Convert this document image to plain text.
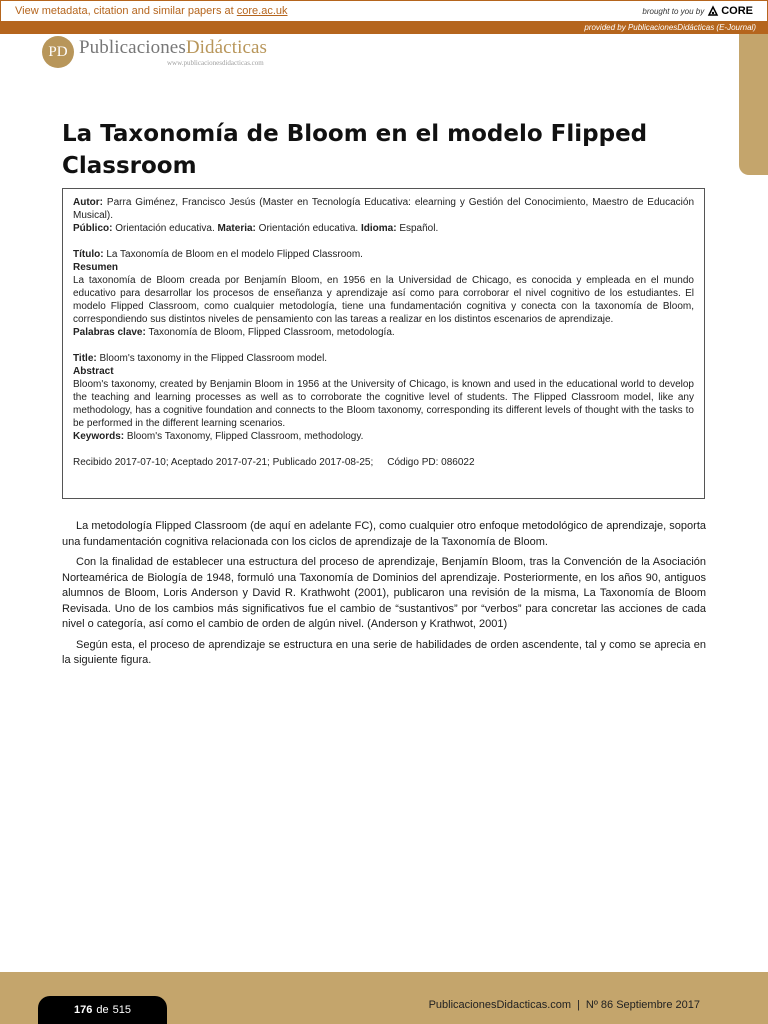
View metadata, citation and similar papers at core.ac.uk	brought to you by CORE
provided by PublicacionesDidácticas (E-Journal)
PD PublicacionesDidácticas
www.publicacionesdidacticas.com
La Taxonomía de Bloom en el modelo Flipped Classroom

Autor: Parra Giménez, Francisco Jesús (Master en Tecnología Educativa: elearning y Gestión del Conocimiento, Maestro de Educación Musical).

Público: Orientación educativa. Materia: Orientación educativa. Idioma: Español.

Título: La Taxonomía de Bloom en el modelo Flipped Classroom.

Resumen

La taxonomía de Bloom creada por Benjamín Bloom, en 1956 en la Universidad de Chicago, es conocida y empleada en el mundo educativo para desarrollar los procesos de enseñanza y aprendizaje así como para corroborar el nivel cognitivo de los estudiantes. El modelo Flipped Classroom, como cualquier metodología, tiene una fundamentación cognitiva y conecta con la taxonomía de Bloom, correspondiendo sus distintos niveles de pensamiento con las tareas a realizar en los distintos escenarios de aprendizaje.

Palabras clave: Taxonomía de Bloom, Flipped Classroom, metodología.

Title: Bloom's taxonomy in the Flipped Classroom model.

Abstract

Bloom's taxonomy, created by Benjamin Bloom in 1956 at the University of Chicago, is known and used in the educational world to develop the teaching and learning processes as well as to corroborate the cognitive level of students. The Flipped Classroom model, like any methodology, has a cognitive foundation and connects to the Bloom taxonomy, corresponding its different levels of thought with the tasks to be performed in the different learning scenarios.

Keywords: Bloom's Taxonomy, Flipped Classroom, methodology.

Recibido 2017-07-10; Aceptado 2017-07-21; Publicado 2017-08-25; Código PD: 086022

La metodología Flipped Classroom (de aquí en adelante FC), como cualquier otro enfoque metodológico de aprendizaje, soporta una fundamentación cognitiva relacionada con los ciclos de aprendizaje de la Taxonomía de Bloom.

Con la finalidad de establecer una estructura del proceso de aprendizaje, Benjamín Bloom, tras la Convención de la Asociación Norteamérica de Biología de 1948, formuló una Taxonomía de Dominios del aprendizaje. Posteriormente, en los años 90, antiguos alumnos de Bloom, Loris Anderson y David R. Krathwoht (2001), publicaron una revisión de la misma, La Taxonomía de Bloom Revisada. Uno de los cambios más significativos fue el cambio de “sustantivos” por “verbos” para concretar las acciones de cada nivel o categoría, así como el cambio de orden de algún nivel. (Anderson y Krathwot, 2001)

Según esta, el proceso de aprendizaje se estructura en una serie de habilidades de orden ascendente, tal y como se aprecia en la siguiente figura.

176 de 515	PublicacionesDidacticas.com | Nº 86 Septiembre 2017
